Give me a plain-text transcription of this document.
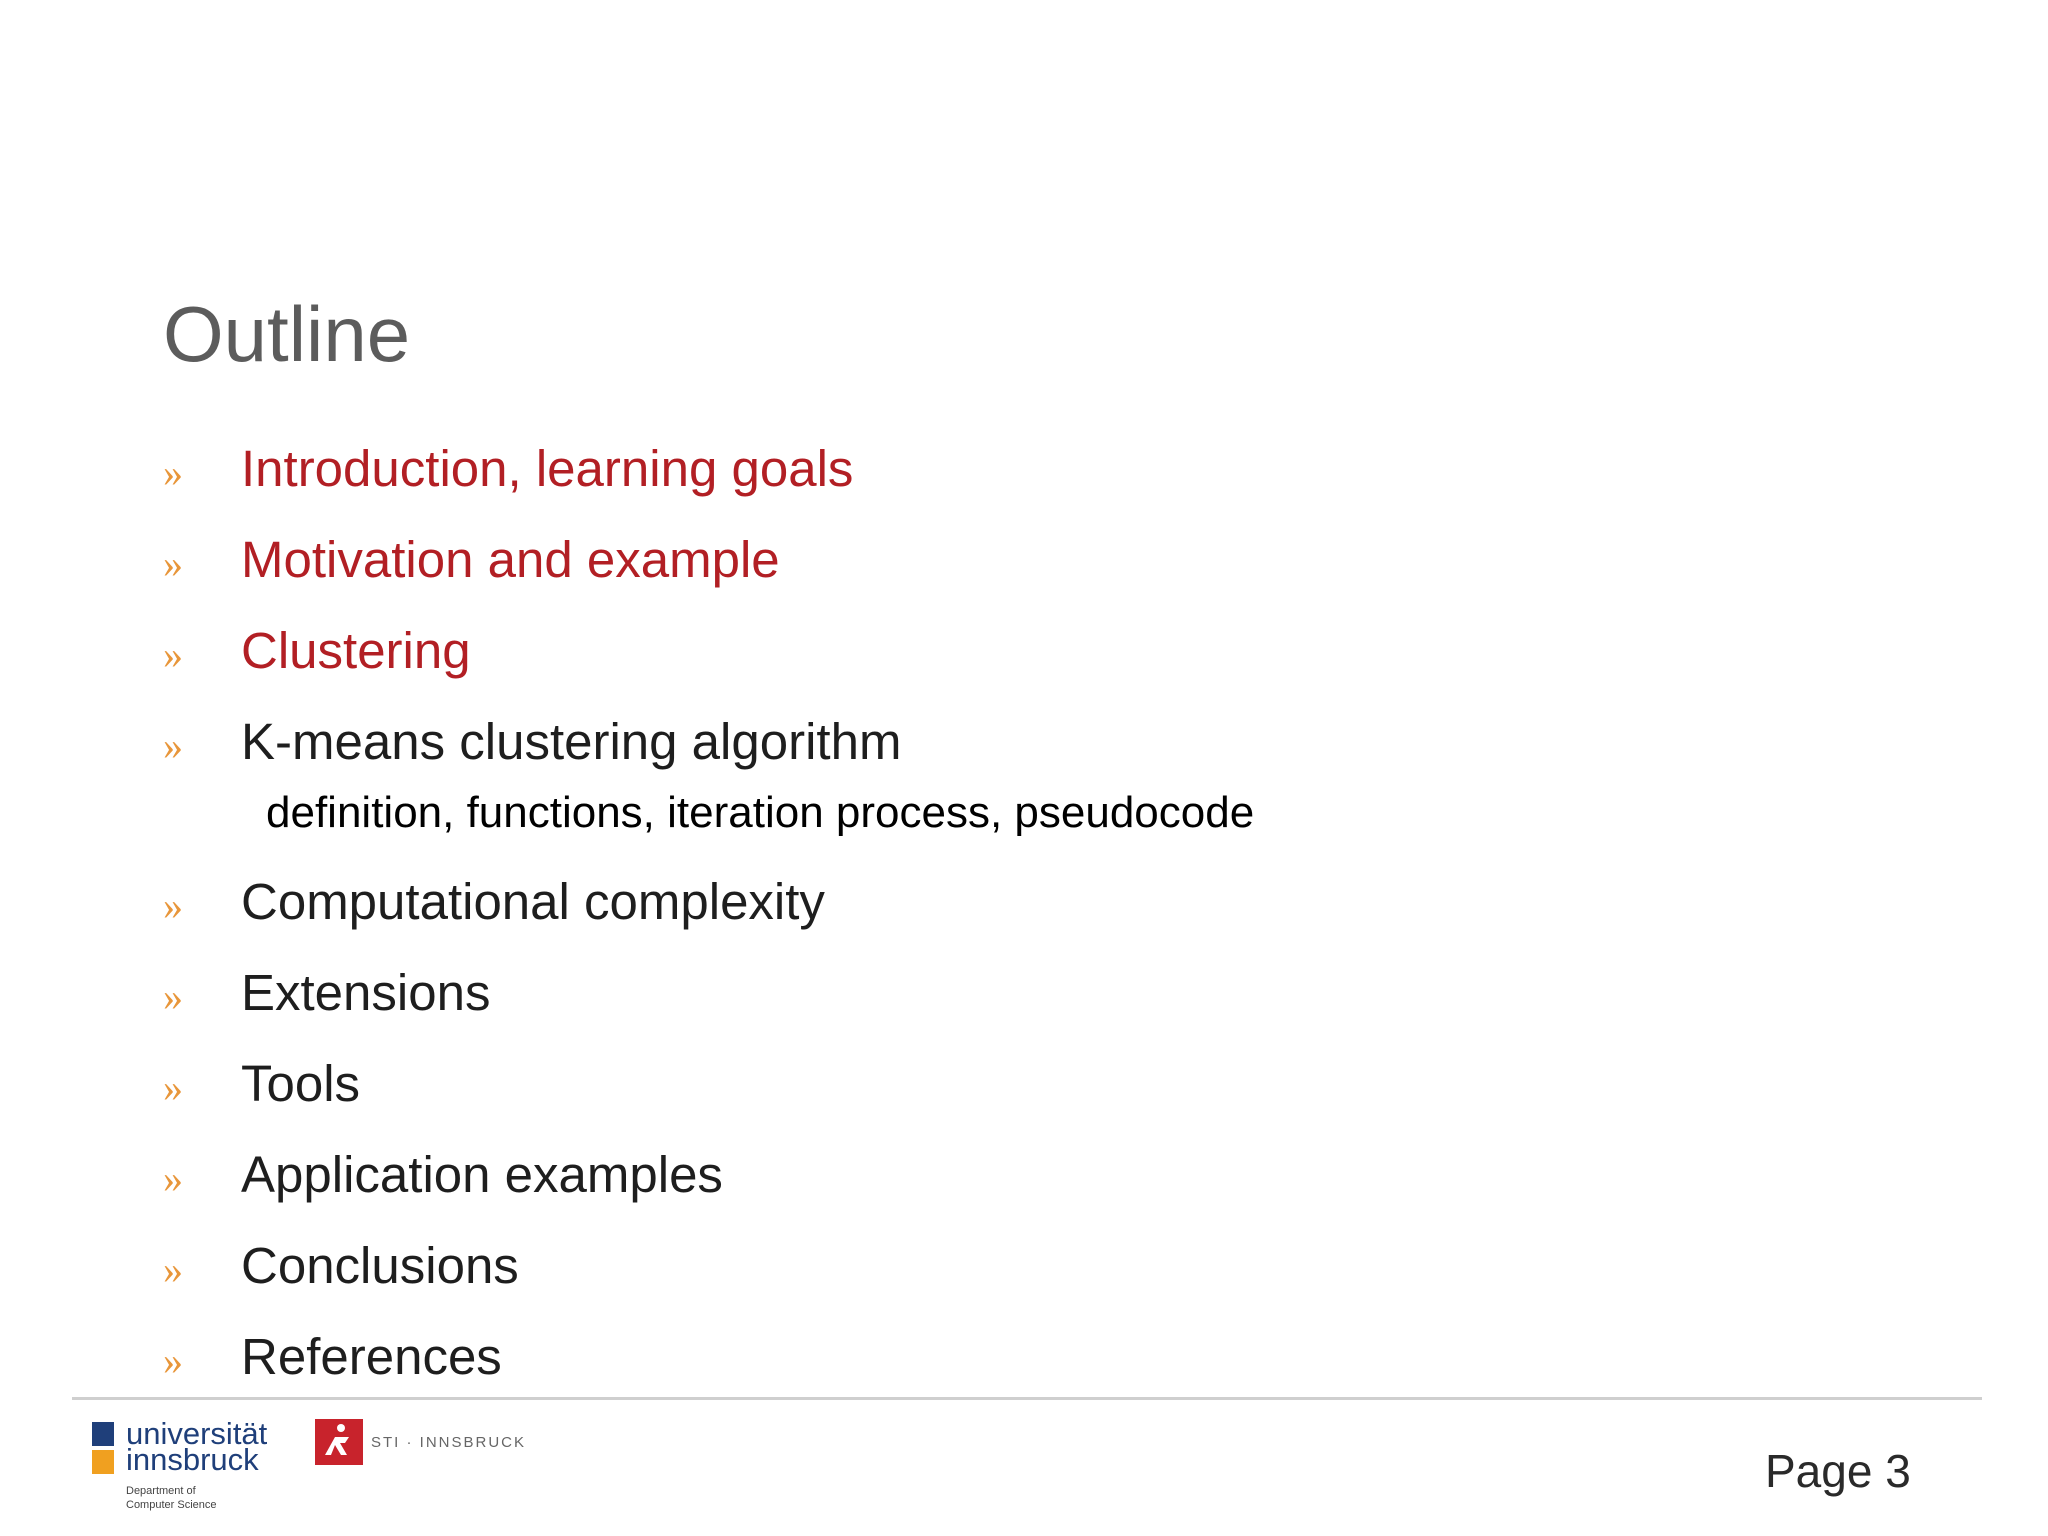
Outline
» Introduction, learning goals
» Motivation and example
» Clustering
» K-means clustering algorithm
definition, functions, iteration process, pseudocode
» Computational complexity
» Extensions
» Tools
» Application examples
» Conclusions
» References
universität
innsbruck
Department of
Computer Science
STI · INNSBRUCK
Page 3
